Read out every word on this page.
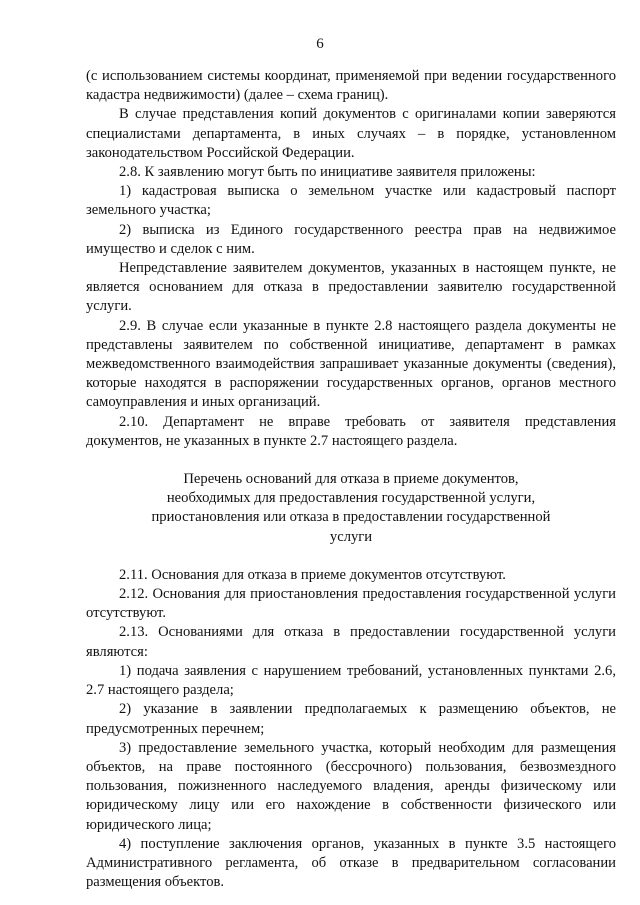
6

(с использованием системы координат, применяемой при ведении государственного кадастра недвижимости) (далее – схема границ).

В случае представления копий документов с оригиналами копии заверяются специалистами департамента, в иных случаях – в порядке, установленном законодательством Российской Федерации.

2.8. К заявлению могут быть по инициативе заявителя приложены:

1) кадастровая выписка о земельном участке или кадастровый паспорт земельного участка;

2) выписка из Единого государственного реестра прав на недвижимое имущество и сделок с ним.

Непредставление заявителем документов, указанных в настоящем пункте, не является основанием для отказа в предоставлении заявителю государственной услуги.

2.9. В случае если указанные в пункте 2.8 настоящего раздела документы не представлены заявителем по собственной инициативе, департамент в рамках межведомственного взаимодействия запрашивает указанные документы (сведения), которые находятся в распоряжении государственных органов, органов местного самоуправления и иных организаций.

2.10. Департамент не вправе требовать от заявителя представления документов, не указанных в пункте 2.7 настоящего раздела.

Перечень оснований для отказа в приеме документов,
необходимых для предоставления государственной услуги,
приостановления или отказа в предоставлении государственной
услуги

2.11. Основания для отказа в приеме документов отсутствуют.

2.12. Основания для приостановления предоставления государственной услуги отсутствуют.

2.13. Основаниями для отказа в предоставлении государственной услуги являются:

1) подача заявления с нарушением требований, установленных пунктами 2.6, 2.7 настоящего раздела;

2) указание в заявлении предполагаемых к размещению объектов, не предусмотренных перечнем;

3) предоставление земельного участка, который необходим для размещения объектов, на праве постоянного (бессрочного) пользования, безвозмездного пользования, пожизненного наследуемого владения, аренды физическому или юридическому лицу или его нахождение в собственности физического или юридического лица;

4) поступление заключения органов, указанных в пункте 3.5 настоящего Административного регламента, об отказе в предварительном согласовании размещения объектов.
